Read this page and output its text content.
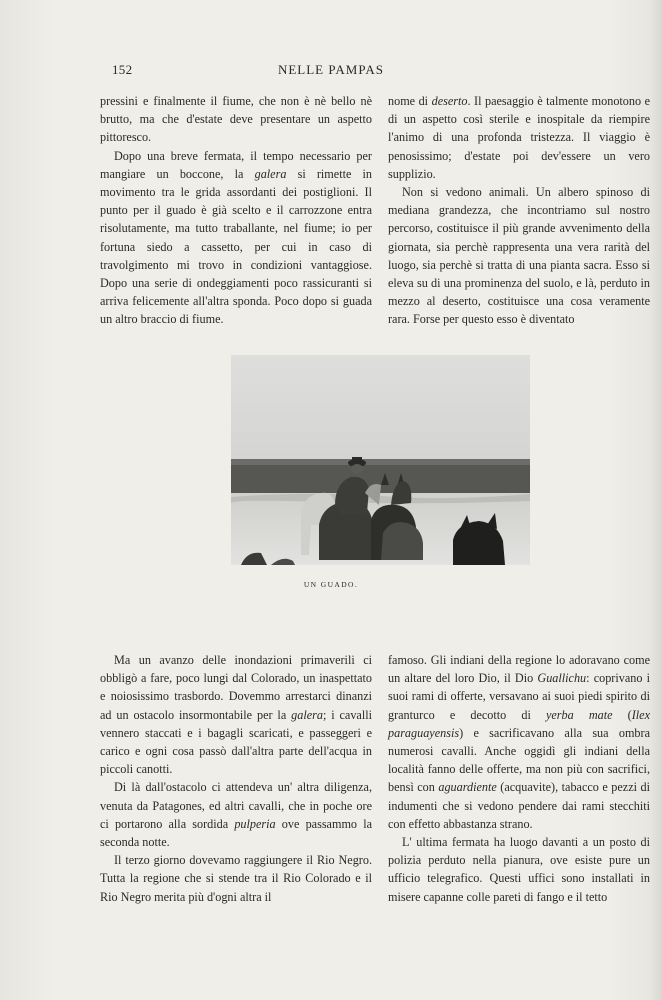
152	NELLE PAMPAS

pressini e finalmente il fiume, che non è nè bello nè brutto, ma che d'estate deve presentare un aspetto pittoresco.

Dopo una breve fermata, il tempo necessario per mangiare un boccone, la galera si rimette in movimento tra le grida assordanti dei postiglioni. Il punto per il guado è già scelto e il carrozzone entra risolutamente, ma tutto traballante, nel fiume; io per fortuna siedo a cassetto, per cui in caso di travolgimento mi trovo in condizioni vantaggiose. Dopo una serie di ondeggiamenti poco rassicuranti si arriva felicemente all'altra sponda. Poco dopo si guada un altro braccio di fiume.

nome di deserto. Il paesaggio è talmente monotono e di un aspetto così sterile e inospitale da riempire l'animo di una profonda tristezza. Il viaggio è penosissimo; d'estate poi dev'essere un vero supplizio.

Non si vedono animali. Un albero spinoso di mediana grandezza, che incontriamo sul nostro percorso, costituisce il più grande avvenimento della giornata, sia perchè rappresenta una vera rarità del luogo, sia perchè si tratta di una pianta sacra. Esso si eleva su di una prominenza del suolo, e là, perduto in mezzo al deserto, costituisce una cosa veramente rara. Forse per questo esso è diventato

UN GUADO.

Ma un avanzo delle inondazioni primaverili ci obbligò a fare, poco lungi dal Colorado, un inaspettato e noiosissimo trasbordo. Dovemmo arrestarci dinanzi ad un ostacolo insormontabile per la galera; i cavalli vennero staccati e i bagagli scaricati, e passeggeri e carico e ogni cosa passò dall'altra parte dell'acqua in piccoli canotti.

Di là dall'ostacolo ci attendeva un' altra diligenza, venuta da Patagones, ed altri cavalli, che in poche ore ci portarono alla sordida pulperia ove passammo la seconda notte.

Il terzo giorno dovevamo raggiungere il Rio Negro. Tutta la regione che si stende tra il Rio Colorado e il Rio Negro merita più d'ogni altra il

famoso. Gli indiani della regione lo adoravano come un altare del loro Dio, il Dio Guallichu: coprivano i suoi rami di offerte, versavano ai suoi piedi spirito di granturco e decotto di yerba mate (Ilex paraguayensis) e sacrificavano alla sua ombra numerosi cavalli. Anche oggidì gli indiani della località fanno delle offerte, ma non più con sacrifici, bensì con aguardiente (acquavite), tabacco e pezzi di indumenti che si vedono pendere dai rami stecchiti con effetto abbastanza strano.

L' ultima fermata ha luogo davanti a un posto di polizia perduto nella pianura, ove esiste pure un ufficio telegrafico. Questi uffici sono installati in misere capanne colle pareti di fango e il tetto
